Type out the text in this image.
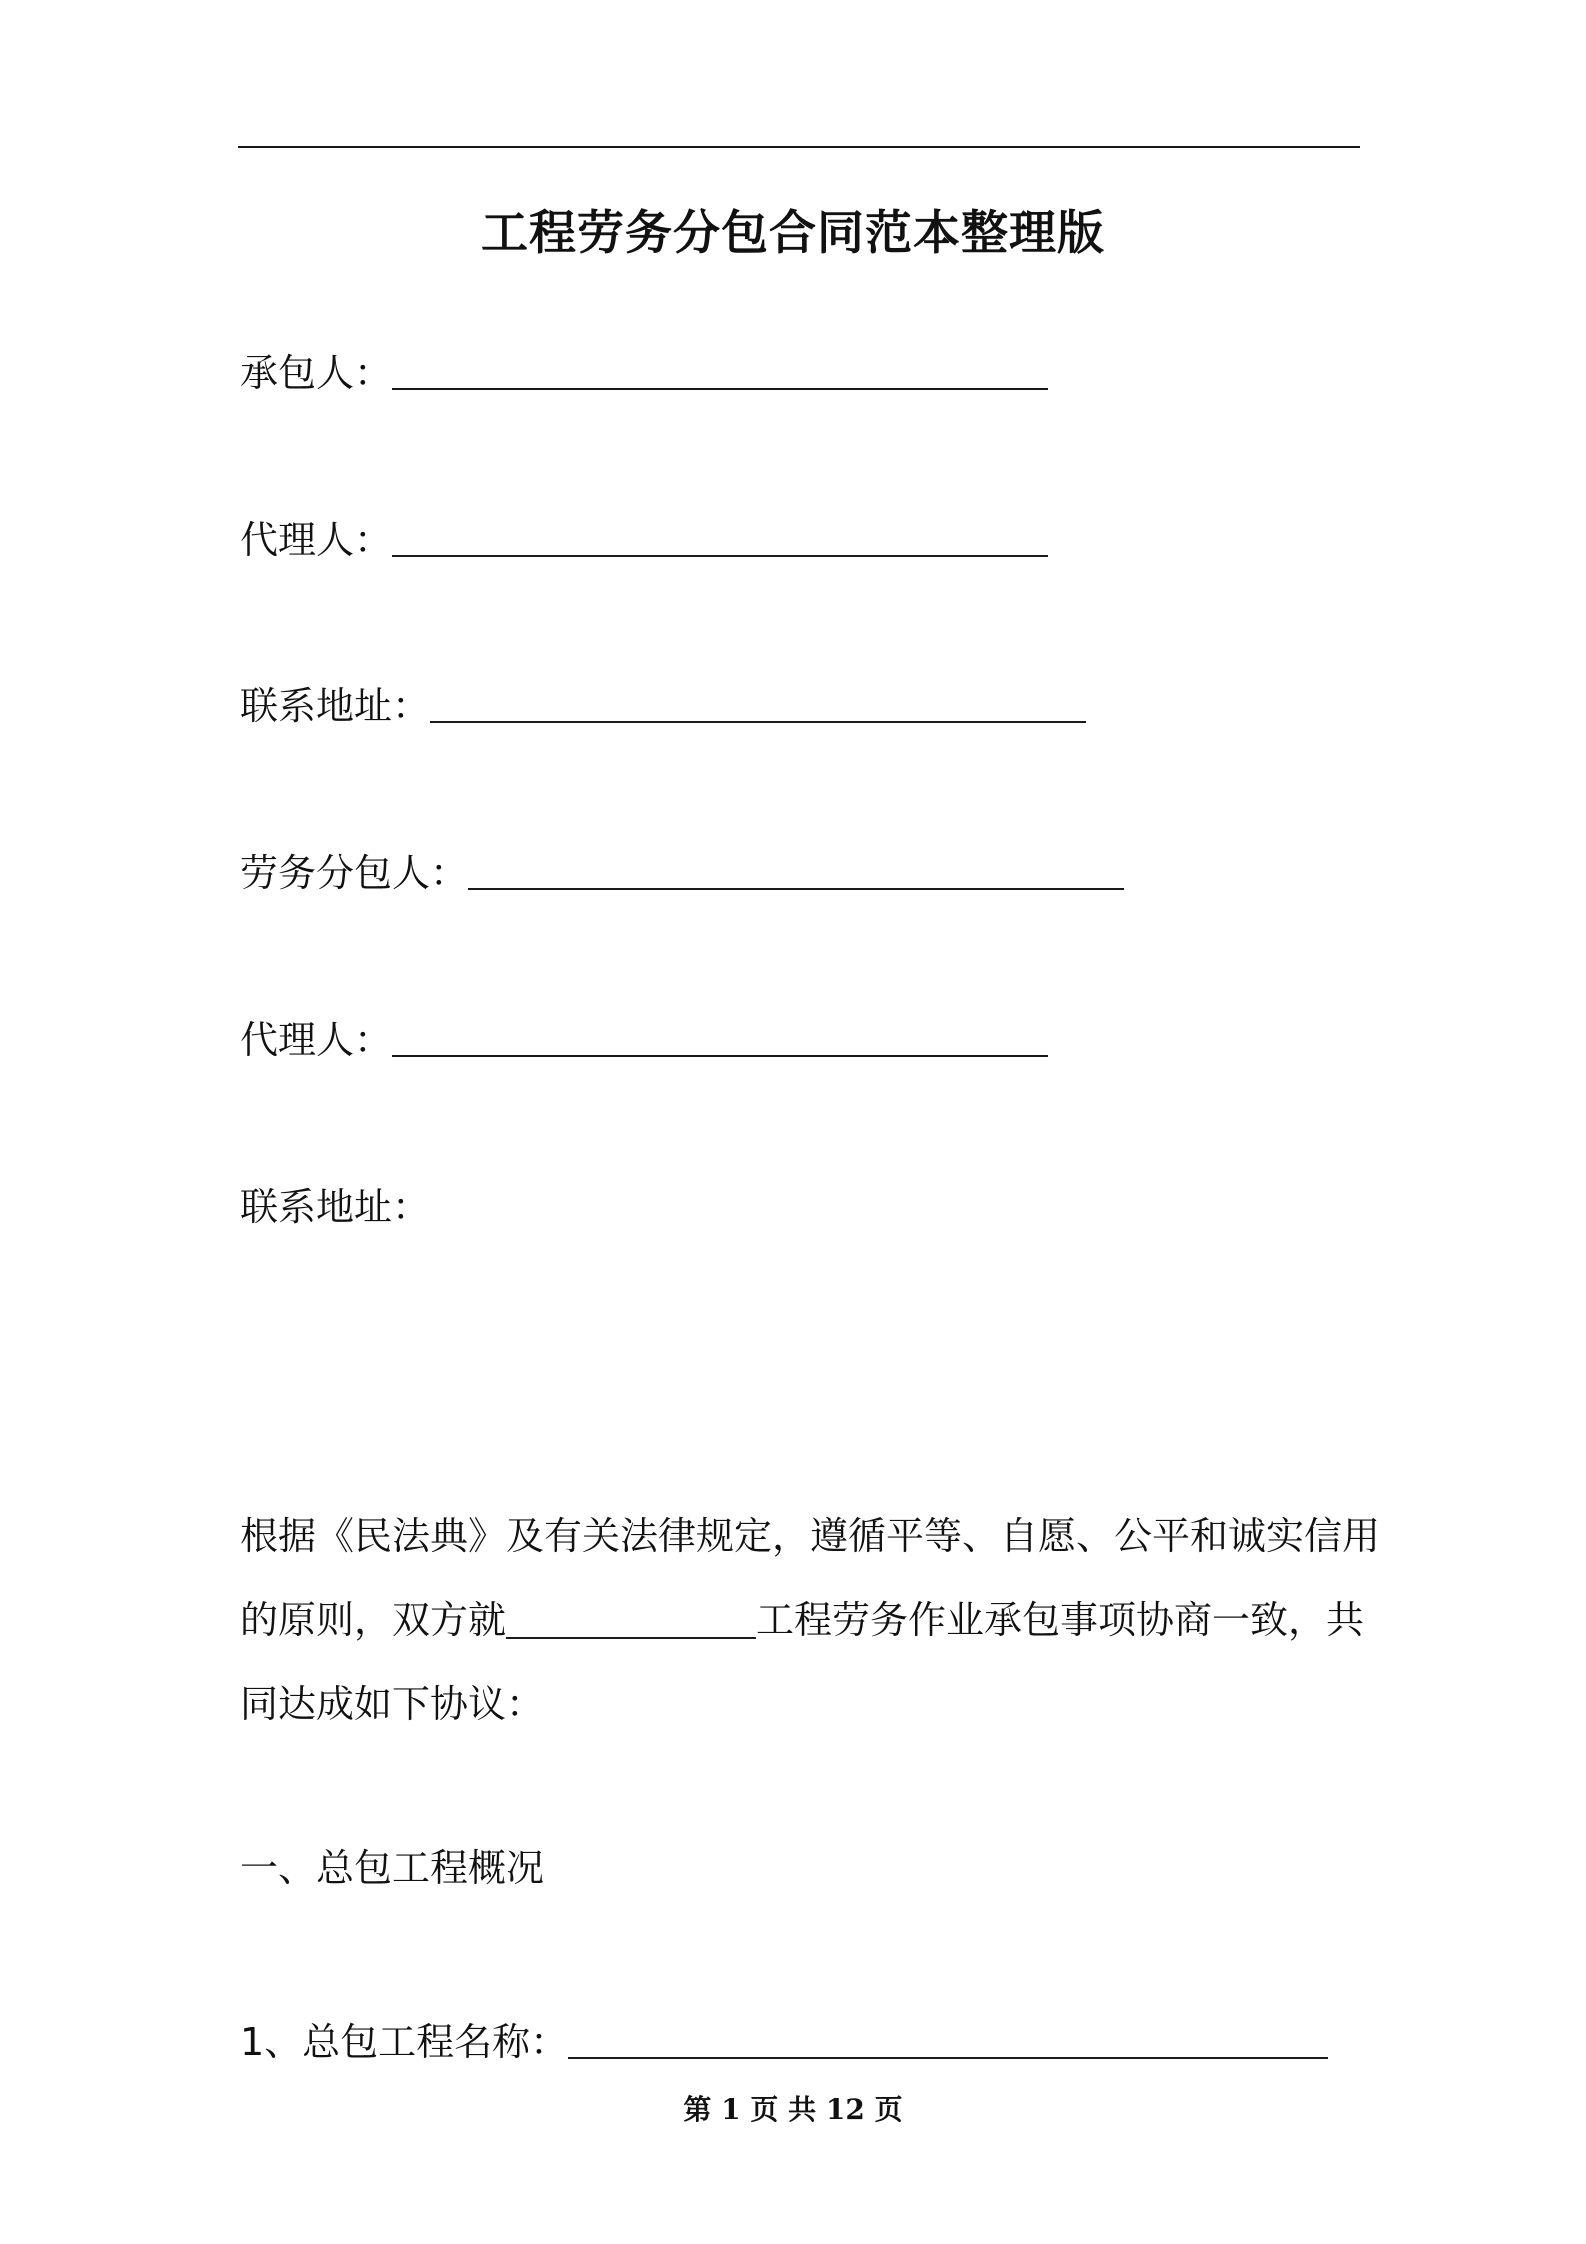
工程劳务分包合同范本整理版
承包人：
代理人：
联系地址：
劳务分包人：
代理人：
联系地址：
根据《民法典》及有关法律规定，遵循平等、自愿、公平和诚实信用
的原则，双方就	工程劳务作业承包事项协商一致，共
同达成如下协议：
一、总包工程概况
1、总包工程名称：
第 1 页 共 12 页
